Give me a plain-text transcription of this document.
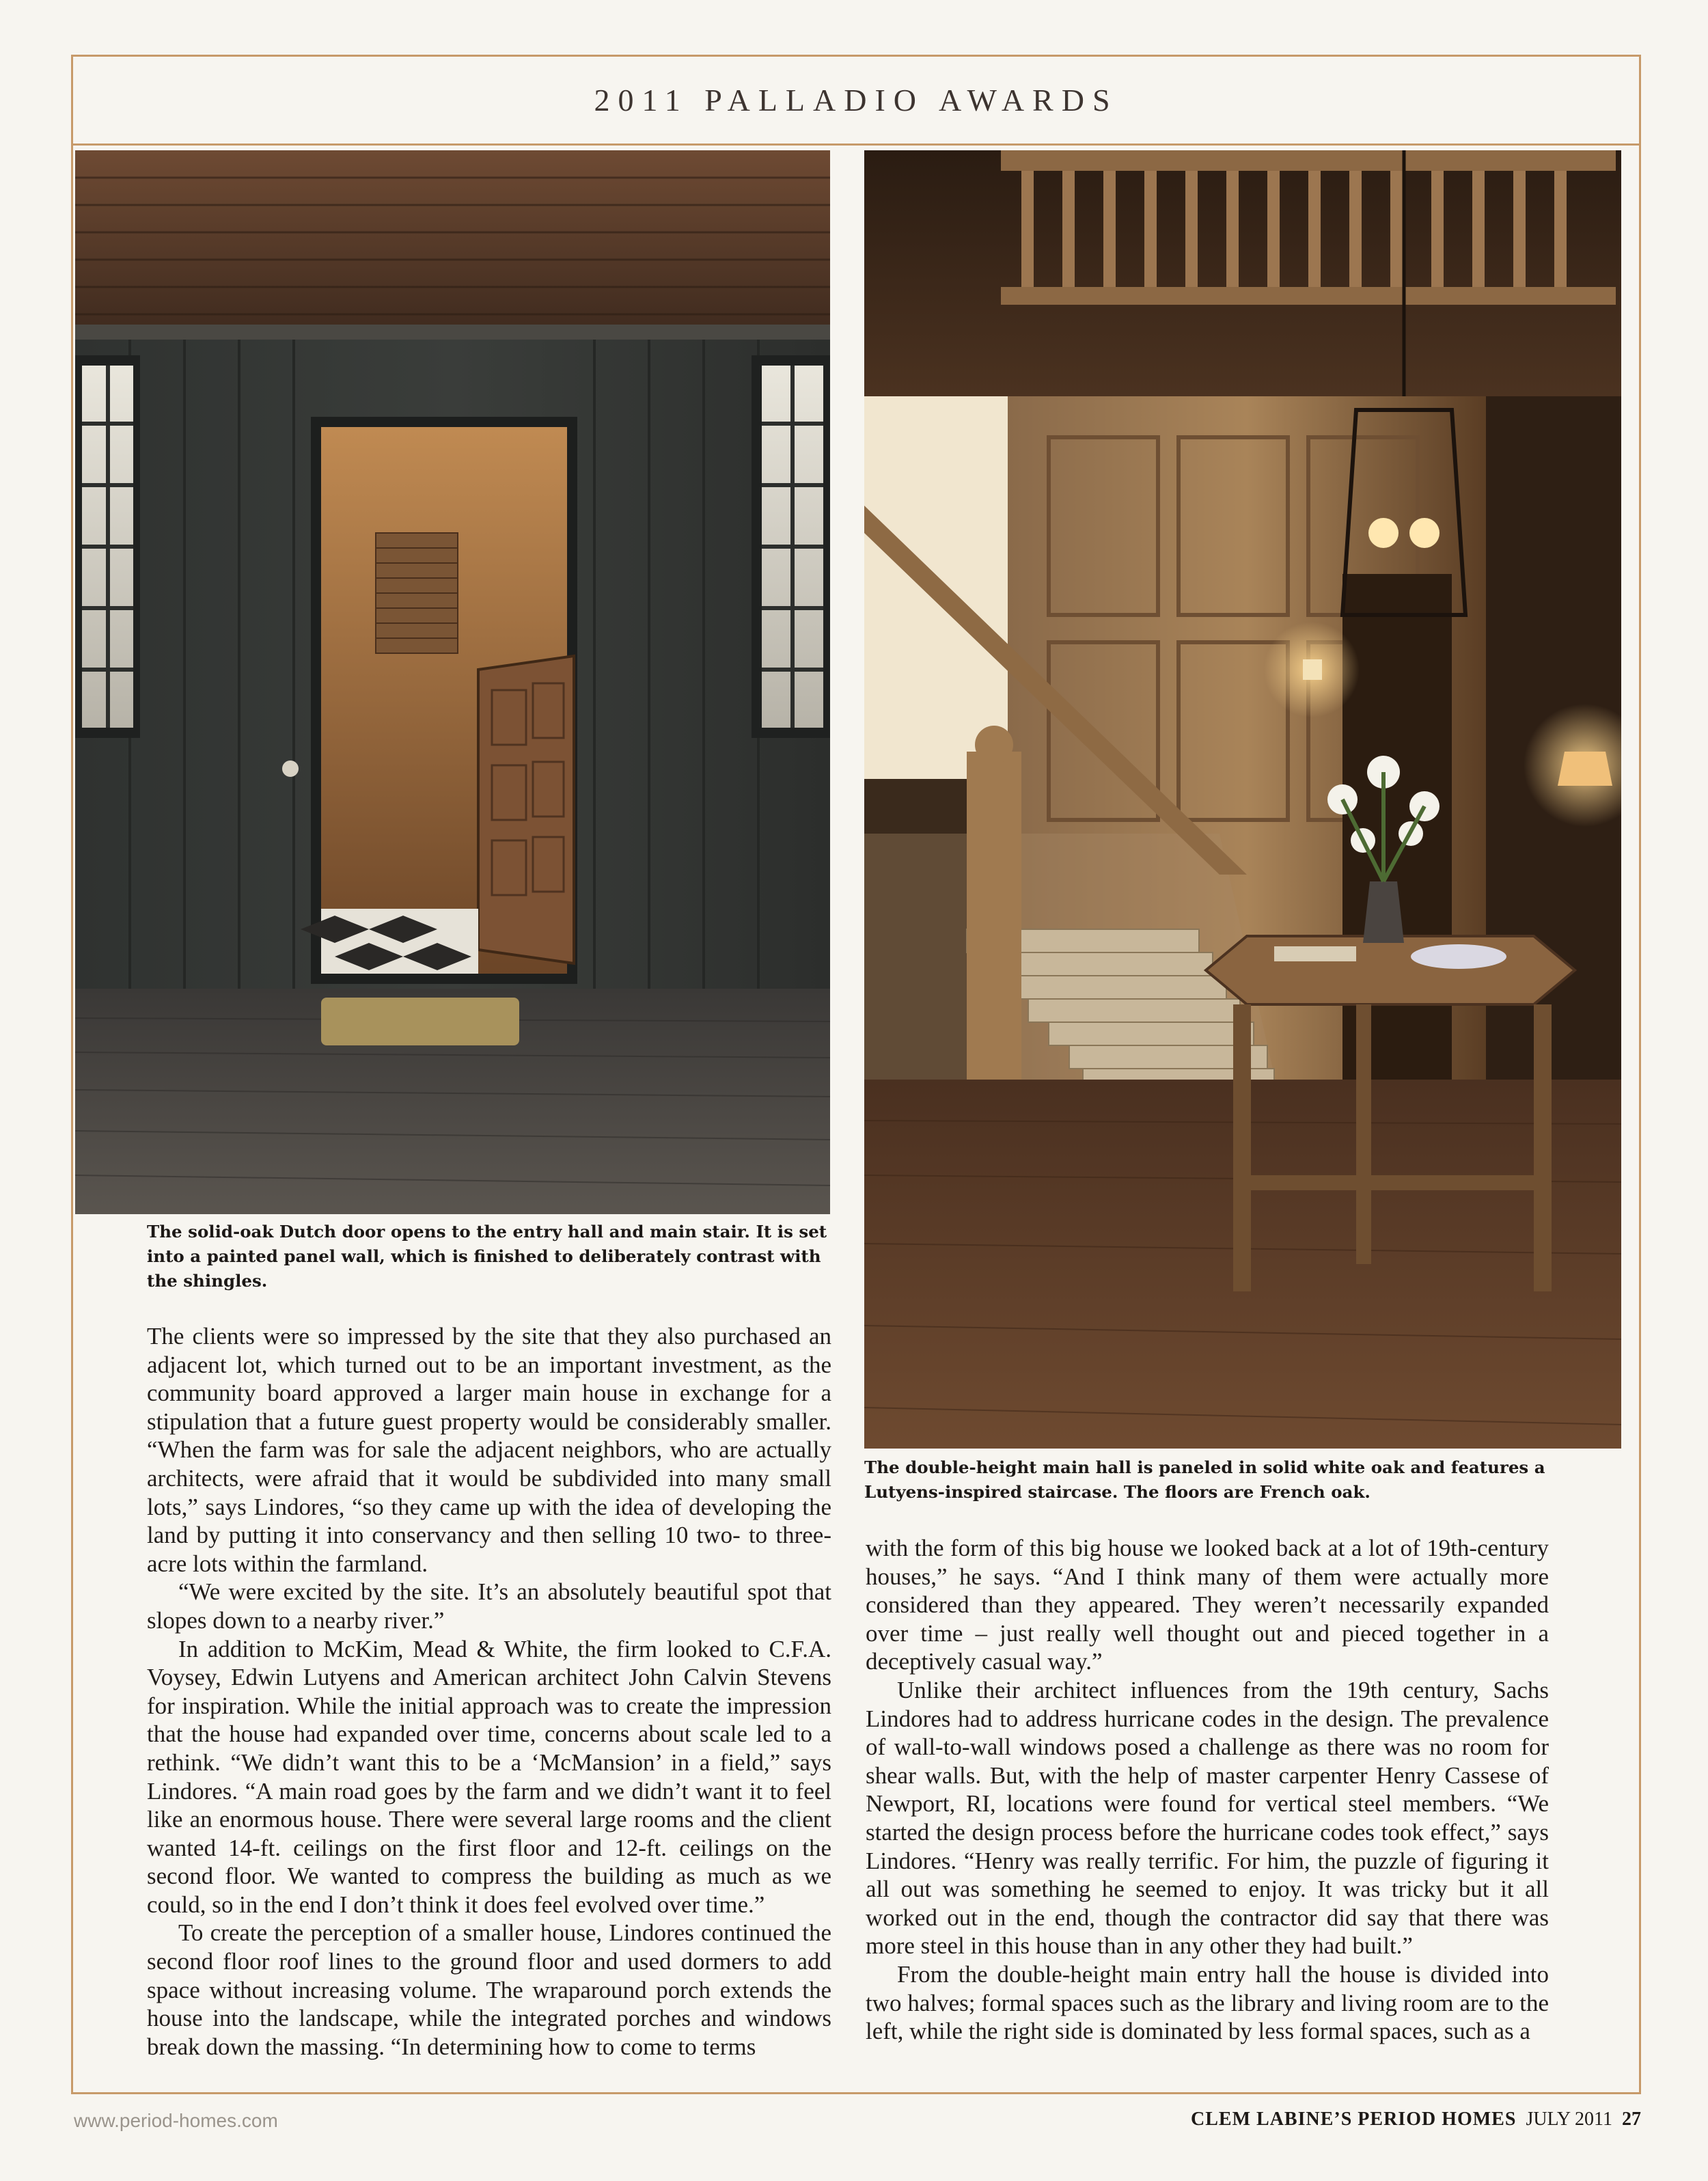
2011 PALLADIO AWARDS
The solid-oak Dutch door opens to the entry hall and main stair. It is set into a painted panel wall, which is finished to deliberately contrast with the shingles.
The double-height main hall is paneled in solid white oak and features a Lutyens-inspired staircase. The floors are French oak.

The clients were so impressed by the site that they also purchased an adjacent lot, which turned out to be an important investment, as the community board approved a larger main house in exchange for a stipulation that a future guest property would be considerably smaller. “When the farm was for sale the adjacent neighbors, who are actually architects, were afraid that it would be subdivided into many small lots,” says Lindores, “so they came up with the idea of developing the land by putting it into conservancy and then selling 10 two- to three-acre lots within the farmland.

“We were excited by the site. It’s an absolutely beautiful spot that slopes down to a nearby river.”

In addition to McKim, Mead & White, the firm looked to C.F.A. Voysey, Edwin Lutyens and American architect John Calvin Stevens for inspiration. While the initial approach was to create the impression that the house had expanded over time, concerns about scale led to a rethink. “We didn’t want this to be a ‘McMansion’ in a field,” says Lindores. “A main road goes by the farm and we didn’t want it to feel like an enormous house. There were several large rooms and the client wanted 14-ft. ceilings on the first floor and 12-ft. ceilings on the second floor. We wanted to compress the building as much as we could, so in the end I don’t think it does feel evolved over time.”

To create the perception of a smaller house, Lindores continued the second floor roof lines to the ground floor and used dormers to add space without increasing volume. The wraparound porch extends the house into the landscape, while the integrated porches and windows break down the massing. “In determining how to come to terms

with the form of this big house we looked back at a lot of 19th-century houses,” he says. “And I think many of them were actually more considered than they appeared. They weren’t necessarily expanded over time – just really well thought out and pieced together in a deceptively casual way.”

Unlike their architect influences from the 19th century, Sachs Lindores had to address hurricane codes in the design. The prevalence of wall-to-wall windows posed a challenge as there was no room for shear walls. But, with the help of master carpenter Henry Cassese of Newport, RI, locations were found for vertical steel members. “We started the design process before the hurricane codes took effect,” says Lindores. “Henry was really terrific. For him, the puzzle of figuring it all out was something he seemed to enjoy. It was tricky but it all worked out in the end, though the contractor did say that there was more steel in this house than in any other they had built.”

From the double-height main entry hall the house is divided into two halves; formal spaces such as the library and living room are to the left, while the right side is dominated by less formal spaces, such as a

www.period-homes.com	CLEM LABINE’S PERIOD HOMES JULY 2011 27
